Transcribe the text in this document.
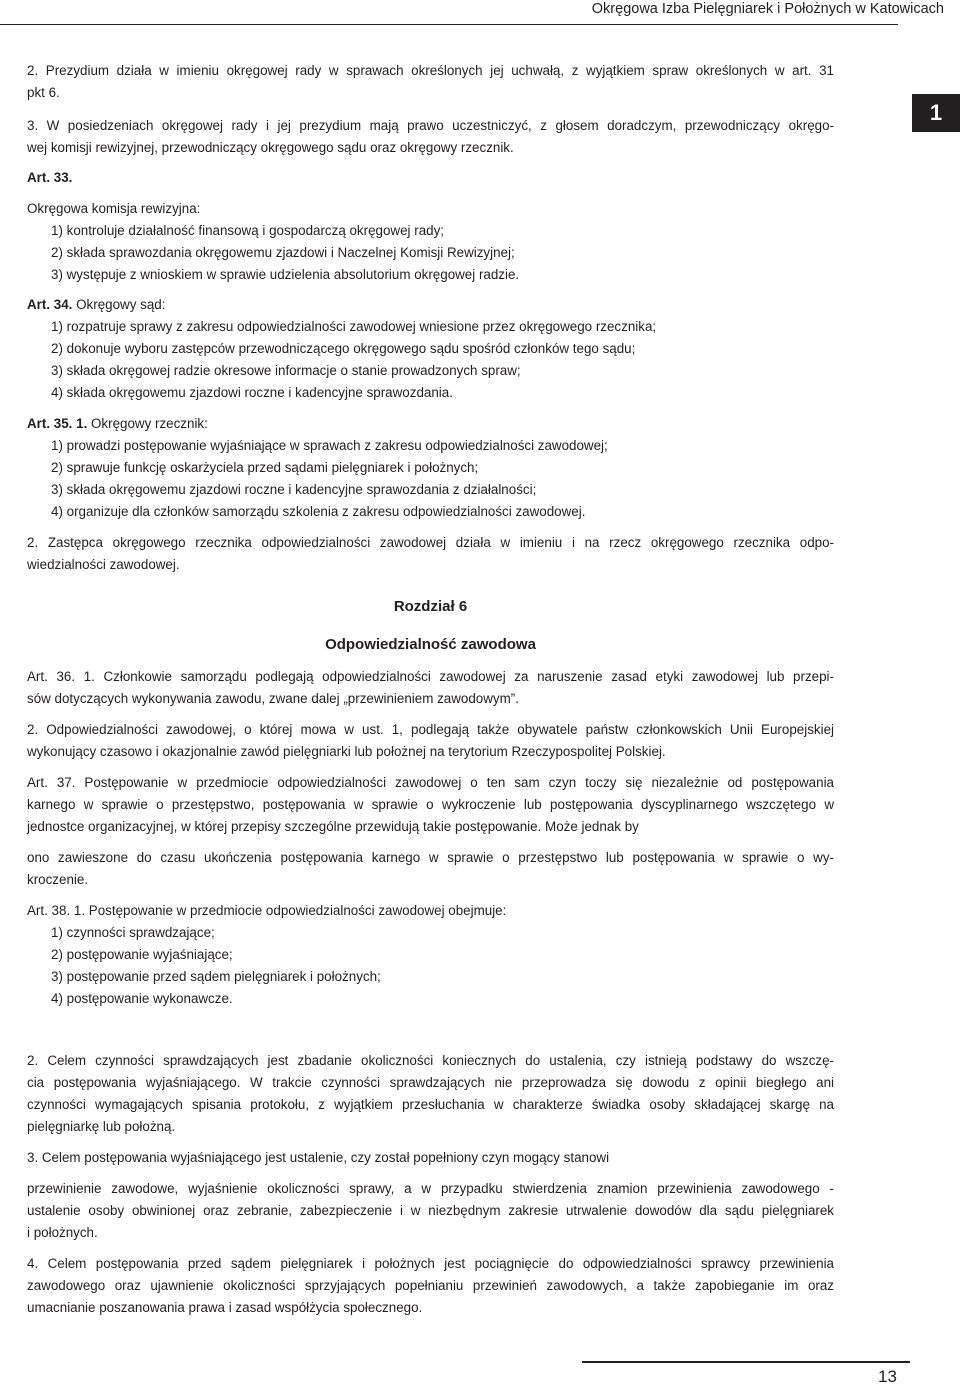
Okręgowa Izba Pielęgniarek i Położnych w Katowicach
1
2. Prezydium działa w imieniu okręgowej rady w sprawach określonych jej uchwałą, z wyjątkiem spraw określonych w art. 31
pkt 6.
3. W posiedzeniach okręgowej rady i jej prezydium mają prawo uczestniczyć, z głosem doradczym, przewodniczący okręgo-
wej komisji rewizyjnej, przewodniczący okręgowego sądu oraz okręgowy rzecznik.
Art. 33.
Okręgowa komisja rewizyjna:
1) kontroluje działalność finansową i gospodarczą okręgowej rady;
2) składa sprawozdania okręgowemu zjazdowi i Naczelnej Komisji Rewizyjnej;
3) występuje z wnioskiem w sprawie udzielenia absolutorium okręgowej radzie.
Art. 34. Okręgowy sąd:
1) rozpatruje sprawy z zakresu odpowiedzialności zawodowej wniesione przez okręgowego rzecznika;
2) dokonuje wyboru zastępców przewodniczącego okręgowego sądu spośród członków tego sądu;
3) składa okręgowej radzie okresowe informacje o stanie prowadzonych spraw;
4) składa okręgowemu zjazdowi roczne i kadencyjne sprawozdania.
Art. 35. 1. Okręgowy rzecznik:
1) prowadzi postępowanie wyjaśniające w sprawach z zakresu odpowiedzialności zawodowej;
2) sprawuje funkcję oskarżyciela przed sądami pielęgniarek i położnych;
3) składa okręgowemu zjazdowi roczne i kadencyjne sprawozdania z działalności;
4) organizuje dla członków samorządu szkolenia z zakresu odpowiedzialności zawodowej.
2. Zastępca okręgowego rzecznika odpowiedzialności zawodowej działa w imieniu i na rzecz okręgowego rzecznika odpo-
wiedzialności zawodowej.
Rozdział 6
Odpowiedzialność zawodowa
Art. 36. 1. Członkowie samorządu podlegają odpowiedzialności zawodowej za naruszenie zasad etyki zawodowej lub przepi-
sów dotyczących wykonywania zawodu, zwane dalej „przewinieniem zawodowym”.
2. Odpowiedzialności zawodowej, o której mowa w ust. 1, podlegają także obywatele państw członkowskich Unii Europejskiej
wykonujący czasowo i okazjonalnie zawód pielęgniarki lub położnej na terytorium Rzeczypospolitej Polskiej.
Art. 37. Postępowanie w przedmiocie odpowiedzialności zawodowej o ten sam czyn toczy się niezależnie od postępowania
karnego w sprawie o przestępstwo, postępowania w sprawie o wykroczenie lub postępowania dyscyplinarnego wszczętego w
jednostce organizacyjnej, w której przepisy szczególne przewidują takie postępowanie. Może jednak by
ono zawieszone do czasu ukończenia postępowania karnego w sprawie o przestępstwo lub postępowania w sprawie o wy-
kroczenie.
Art. 38. 1. Postępowanie w przedmiocie odpowiedzialności zawodowej obejmuje:
1) czynności sprawdzające;
2) postępowanie wyjaśniające;
3) postępowanie przed sądem pielęgniarek i położnych;
4) postępowanie wykonawcze.
2. Celem czynności sprawdzających jest zbadanie okoliczności koniecznych do ustalenia, czy istnieją podstawy do wszczę-
cia postępowania wyjaśniającego. W trakcie czynności sprawdzających nie przeprowadza się dowodu z opinii biegłego ani
czynności wymagających spisania protokołu, z wyjątkiem przesłuchania w charakterze świadka osoby składającej skargę na
pielęgniarkę lub położną.
3. Celem postępowania wyjaśniającego jest ustalenie, czy został popełniony czyn mogący stanowi
przewinienie zawodowe, wyjaśnienie okoliczności sprawy, a w przypadku stwierdzenia znamion przewinienia zawodowego -
ustalenie osoby obwinionej oraz zebranie, zabezpieczenie i w niezbędnym zakresie utrwalenie dowodów dla sądu pielęgniarek
i położnych.
4. Celem postępowania przed sądem pielęgniarek i położnych jest pociągnięcie do odpowiedzialności sprawcy przewinienia
zawodowego oraz ujawnienie okoliczności sprzyjających popełnianiu przewinień zawodowych, a także zapobieganie im oraz
umacnianie poszanowania prawa i zasad współżycia społecznego.
13
